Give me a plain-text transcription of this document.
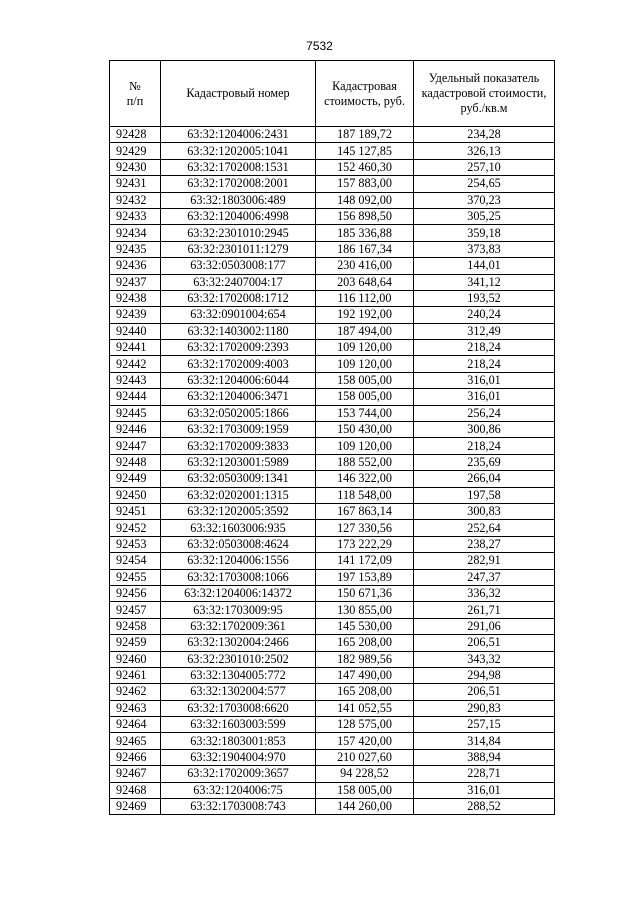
7532
№
п/п	Кадастровый номер	Кадастровая стоимость, руб.	Удельный показатель кадастровой стоимости, руб./кв.м
92428	63:32:1204006:2431	187 189,72	234,28
92429	63:32:1202005:1041	145 127,85	326,13
92430	63:32:1702008:1531	152 460,30	257,10
92431	63:32:1702008:2001	157 883,00	254,65
92432	63:32:1803006:489	148 092,00	370,23
92433	63:32:1204006:4998	156 898,50	305,25
92434	63:32:2301010:2945	185 336,88	359,18
92435	63:32:2301011:1279	186 167,34	373,83
92436	63:32:0503008:177	230 416,00	144,01
92437	63:32:2407004:17	203 648,64	341,12
92438	63:32:1702008:1712	116 112,00	193,52
92439	63:32:0901004:654	192 192,00	240,24
92440	63:32:1403002:1180	187 494,00	312,49
92441	63:32:1702009:2393	109 120,00	218,24
92442	63:32:1702009:4003	109 120,00	218,24
92443	63:32:1204006:6044	158 005,00	316,01
92444	63:32:1204006:3471	158 005,00	316,01
92445	63:32:0502005:1866	153 744,00	256,24
92446	63:32:1703009:1959	150 430,00	300,86
92447	63:32:1702009:3833	109 120,00	218,24
92448	63:32:1203001:5989	188 552,00	235,69
92449	63:32:0503009:1341	146 322,00	266,04
92450	63:32:0202001:1315	118 548,00	197,58
92451	63:32:1202005:3592	167 863,14	300,83
92452	63:32:1603006:935	127 330,56	252,64
92453	63:32:0503008:4624	173 222,29	238,27
92454	63:32:1204006:1556	141 172,09	282,91
92455	63:32:1703008:1066	197 153,89	247,37
92456	63:32:1204006:14372	150 671,36	336,32
92457	63:32:1703009:95	130 855,00	261,71
92458	63:32:1702009:361	145 530,00	291,06
92459	63:32:1302004:2466	165 208,00	206,51
92460	63:32:2301010:2502	182 989,56	343,32
92461	63:32:1304005:772	147 490,00	294,98
92462	63:32:1302004:577	165 208,00	206,51
92463	63:32:1703008:6620	141 052,55	290,83
92464	63:32:1603003:599	128 575,00	257,15
92465	63:32:1803001:853	157 420,00	314,84
92466	63:32:1904004:970	210 027,60	388,94
92467	63:32:1702009:3657	94 228,52	228,71
92468	63:32:1204006:75	158 005,00	316,01
92469	63:32:1703008:743	144 260,00	288,52
